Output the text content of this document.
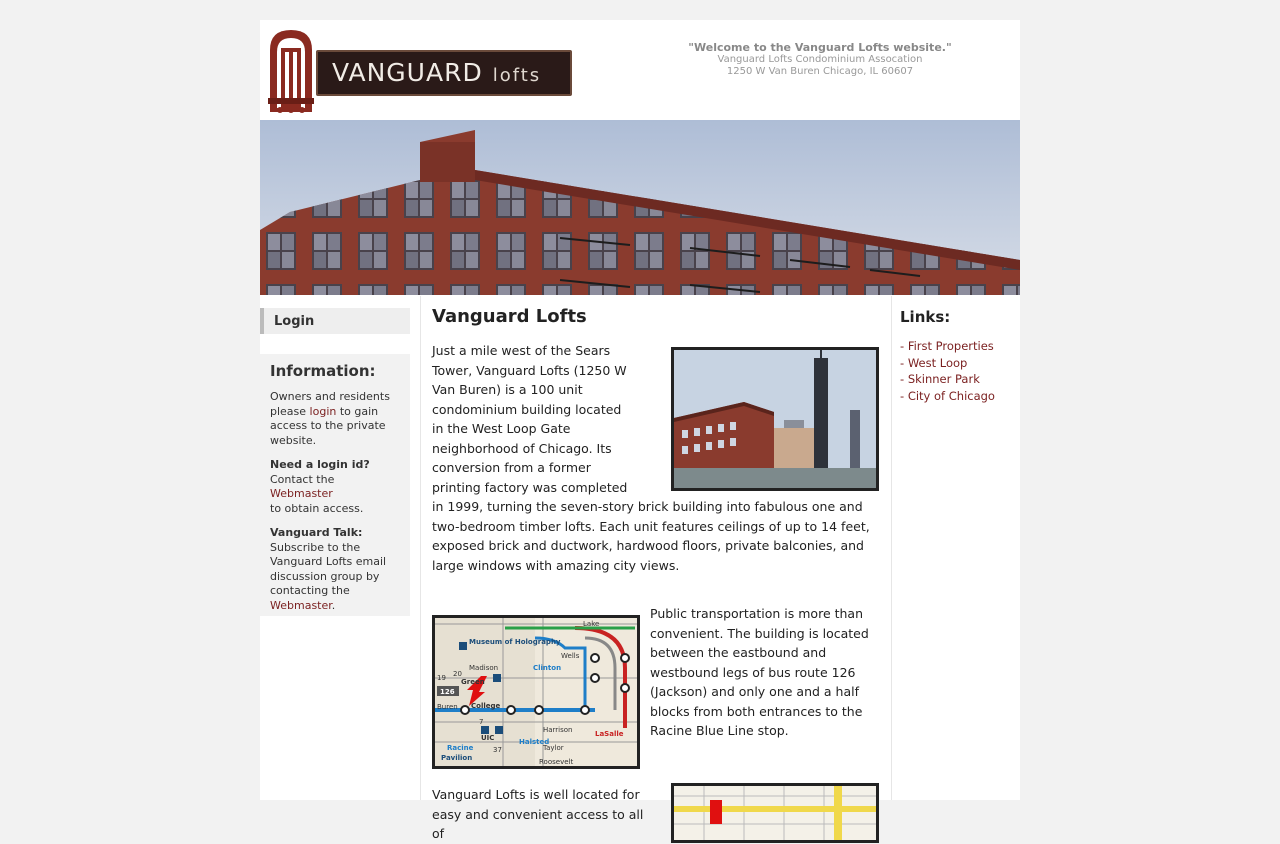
VANGUARD lofts
"Welcome to the Vanguard Lofts website."
Vanguard Lofts Condominium Assocation
1250 W Van Buren Chicago, IL 60607
Login
Information:

Owners and residents please login to gain access to the private website.

Need a login id?
Contact the Webmaster
to obtain access.

Vanguard Talk:
Subscribe to the Vanguard Lofts email discussion group by contacting the Webmaster.

Vanguard Lofts
Just a mile west of the Sears Tower, Vanguard Lofts (1250 W Van Buren) is a 100 unit condominium building located in the West Loop Gate neighborhood of Chicago. Its conversion from a former printing factory was completed in 1999, turning the seven-story brick building into fabulous one and two-bedroom timber lofts. Each unit features ceilings of up to 14 feet, exposed brick and ductwork, hardwood floors, private balconies, and large windows with amazing city views.
Lake
Museum of Holography
Madison
Green
College
Buren
Harrison
Taylor
Roosevelt
UIC
Pavilion
126
20
19
7
37
Wells
Clinton
LaSalle
Racine
Halsted
Public transportation is more than convenient. The building is located between the eastbound and westbound legs of bus route 126 (Jackson) and only one and a half blocks from both entrances to the Racine Blue Line stop.
Vanguard Lofts is well located for easy and convenient access to all of
Links:
- First Properties
- West Loop
- Skinner Park
- City of Chicago
